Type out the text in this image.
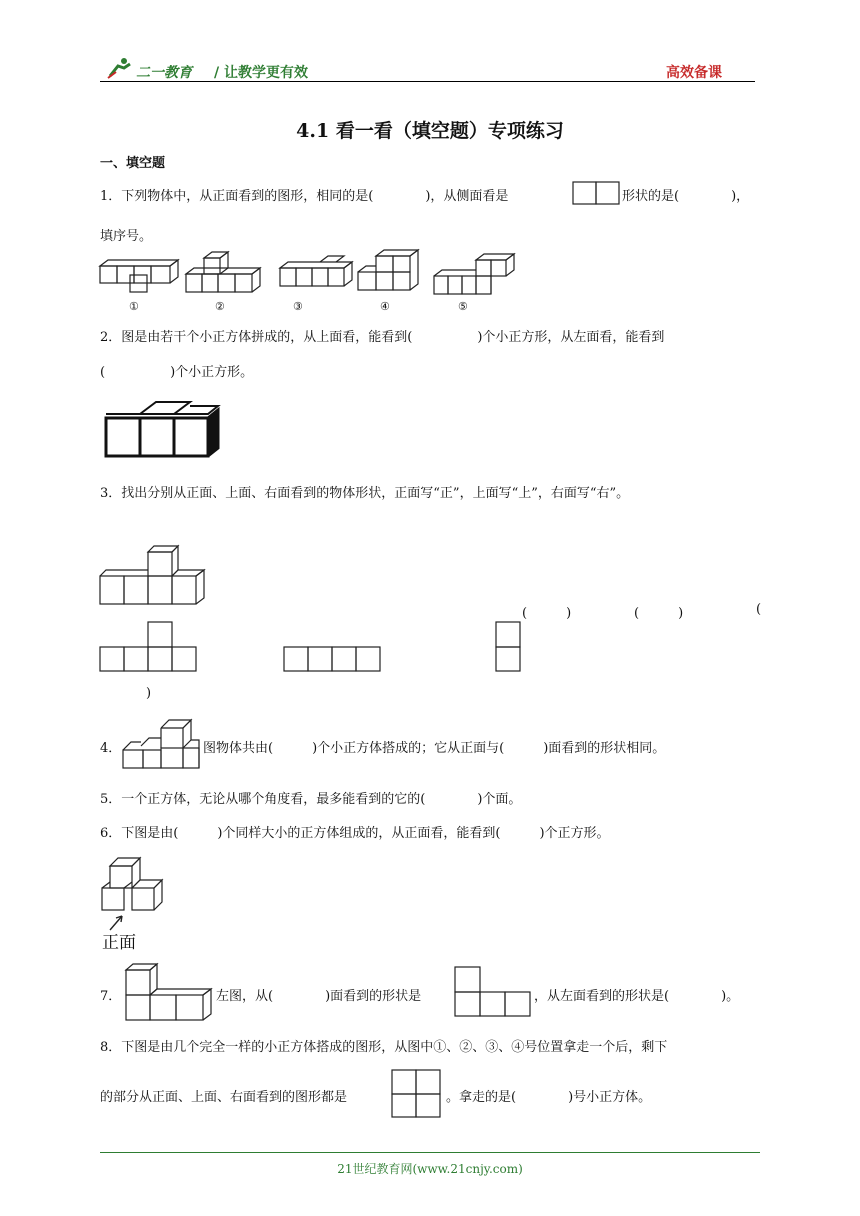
二一教育 / 让教学更有效	高效备课
4.1 看一看（填空题）专项练习
一、填空题
1．下列物体中，从正面看到的图形，相同的是(　　　　)，从侧面看是	形状的是(　　　　)，
填序号。
①	②	③	④	⑤
2．图是由若干个小正方体拼成的，从上面看，能看到(　　　　　)个小正方形，从左面看，能看到
(　　　　　)个小正方形。
3．找出分别从正面、上面、右面看到的物体形状，正面写“正”，上面写“上”，右面写“右”。
(　　　)	(　　　)	(
)
4．	图物体共由(　　　)个小正方体搭成的；它从正面与(　　　)面看到的形状相同。
5．一个正方体，无论从哪个角度看，最多能看到的它的(　　　　)个面。
6．下图是由(　　　)个同样大小的正方体组成的，从正面看，能看到(　　　)个正方形。
正面
7．	左图，从(　　　　)面看到的形状是	，从左面看到的形状是(　　　　)。
8．下图是由几个完全一样的小正方体搭成的图形，从图中①、②、③、④号位置拿走一个后，剩下
的部分从正面、上面、右面看到的图形都是	。拿走的是(　　　　)号小正方体。
21世纪教育网(www.21cnjy.com)
